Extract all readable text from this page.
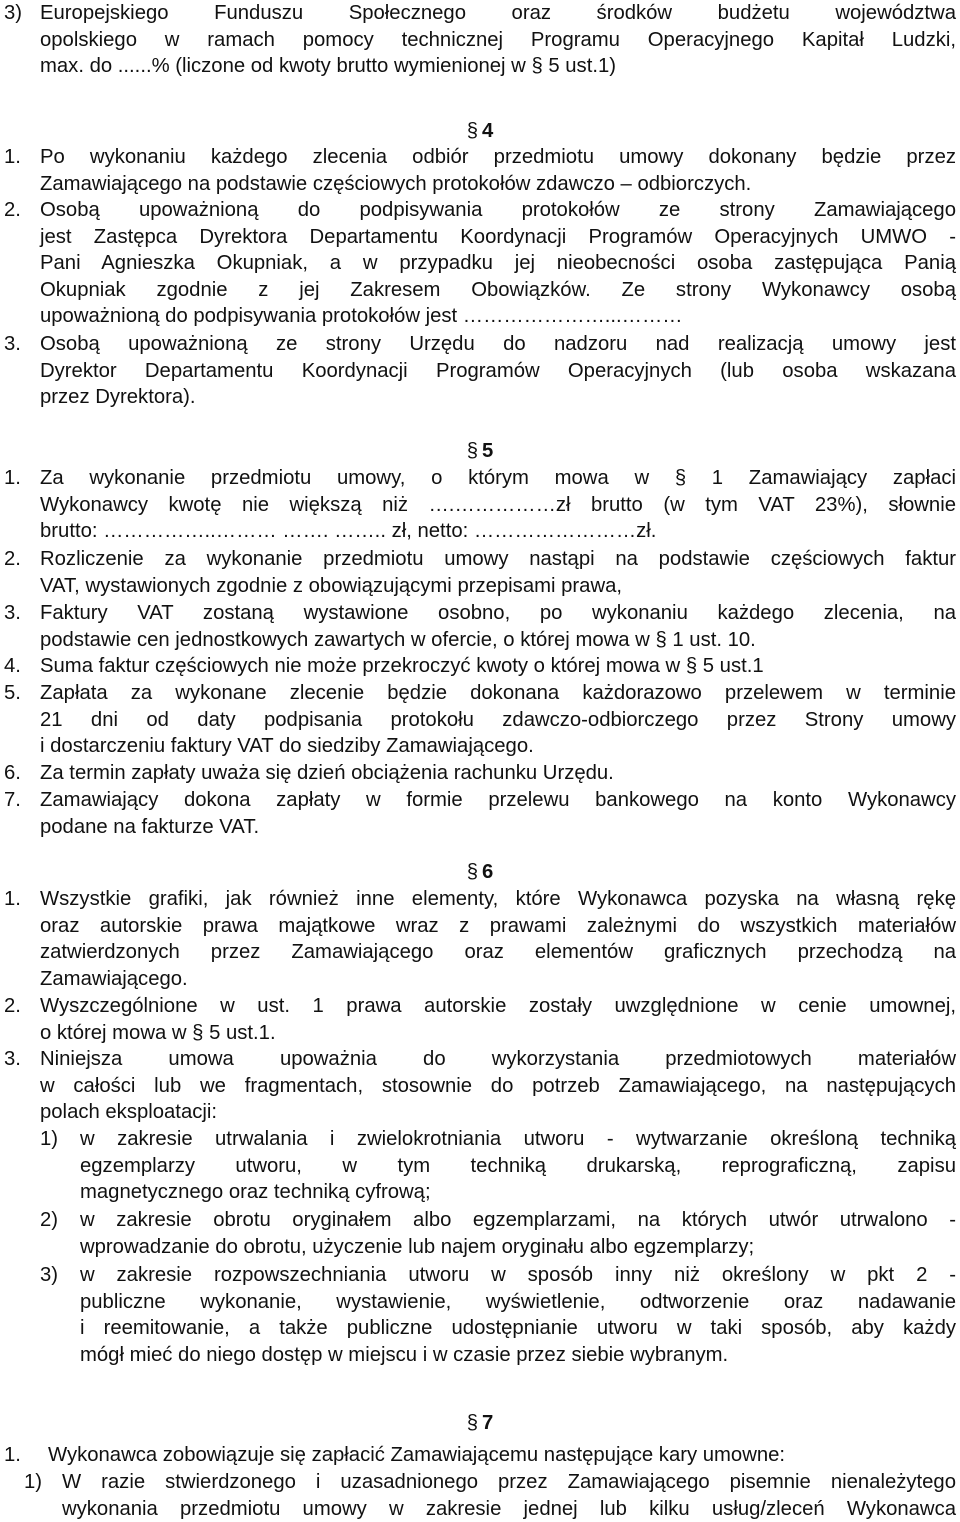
3) Europejskiego Funduszu Społecznego oraz środków budżetu województwa
opolskiego w ramach pomocy technicznej Programu Operacyjnego Kapitał Ludzki,
max. do ......% (liczone od kwoty brutto wymienionej w § 5 ust.1)
§ 4
1. Po wykonaniu każdego zlecenia odbiór przedmiotu umowy dokonany będzie przez
Zamawiającego na podstawie częściowych protokołów zdawczo – odbiorczych.
2. Osobą upoważnioną do podpisywania protokołów ze strony Zamawiającego
jest Zastępca Dyrektora Departamentu Koordynacji Programów Operacyjnych UMWO -
Pani Agnieszka Okupniak, a w przypadku jej nieobecności osoba zastępująca Panią
Okupniak zgodnie z jej Zakresem Obowiązków. Ze strony Wykonawcy osobą
upoważnioną do podpisywania protokołów jest …………………...………
3. Osobą upoważnioną ze strony Urzędu do nadzoru nad realizacją umowy jest
Dyrektor Departamentu Koordynacji Programów Operacyjnych (lub osoba wskazana
przez Dyrektora).
§ 5
1. Za wykonanie przedmiotu umowy, o którym mowa w § 1 Zamawiający zapłaci
Wykonawcy kwotę nie większą niż ….……………zł brutto (w tym VAT 23%), słownie
brutto: ……………..……… ……. …….. zł, netto: ……………………zł.
2. Rozliczenie za wykonanie przedmiotu umowy nastąpi na podstawie częściowych faktur
VAT, wystawionych zgodnie z obowiązującymi przepisami prawa,
3. Faktury VAT zostaną wystawione osobno, po wykonaniu każdego zlecenia, na
podstawie cen jednostkowych zawartych w ofercie, o której mowa w § 1 ust. 10.
4. Suma faktur częściowych nie może przekroczyć kwoty o której mowa w § 5 ust.1
5. Zapłata za wykonane zlecenie będzie dokonana każdorazowo przelewem w terminie
21 dni od daty podpisania protokołu zdawczo-odbiorczego przez Strony umowy
i dostarczeniu faktury VAT do siedziby Zamawiającego.
6. Za termin zapłaty uważa się dzień obciążenia rachunku Urzędu.
7. Zamawiający dokona zapłaty w formie przelewu bankowego na konto Wykonawcy
podane na fakturze VAT.
§ 6
1. Wszystkie grafiki, jak również inne elementy, które Wykonawca pozyska na własną rękę
oraz autorskie prawa majątkowe wraz z prawami zależnymi do wszystkich materiałów
zatwierdzonych przez Zamawiającego oraz elementów graficznych przechodzą na
Zamawiającego.
2. Wyszczególnione w ust. 1 prawa autorskie zostały uwzględnione w cenie umownej,
o której mowa w § 5 ust.1.
3. Niniejsza umowa upoważnia do wykorzystania przedmiotowych materiałów
w całości lub we fragmentach, stosownie do potrzeb Zamawiającego, na następujących
polach eksploatacji:
1) w zakresie utrwalania i zwielokrotniania utworu - wytwarzanie określoną techniką
egzemplarzy utworu, w tym techniką drukarską, reprograficzną, zapisu
magnetycznego oraz techniką cyfrową;
2) w zakresie obrotu oryginałem albo egzemplarzami, na których utwór utrwalono -
wprowadzanie do obrotu, użyczenie lub najem oryginału albo egzemplarzy;
3) w zakresie rozpowszechniania utworu w sposób inny niż określony w pkt 2 -
publiczne wykonanie, wystawienie, wyświetlenie, odtworzenie oraz nadawanie
i reemitowanie, a także publiczne udostępnianie utworu w taki sposób, aby każdy
mógł mieć do niego dostęp w miejscu i w czasie przez siebie wybranym.
§ 7
1. Wykonawca zobowiązuje się zapłacić Zamawiającemu następujące kary umowne:
1) W razie stwierdzonego i uzasadnionego przez Zamawiającego pisemnie nienależytego
wykonania przedmiotu umowy w zakresie jednej lub kilku usług/zleceń Wykonawca
